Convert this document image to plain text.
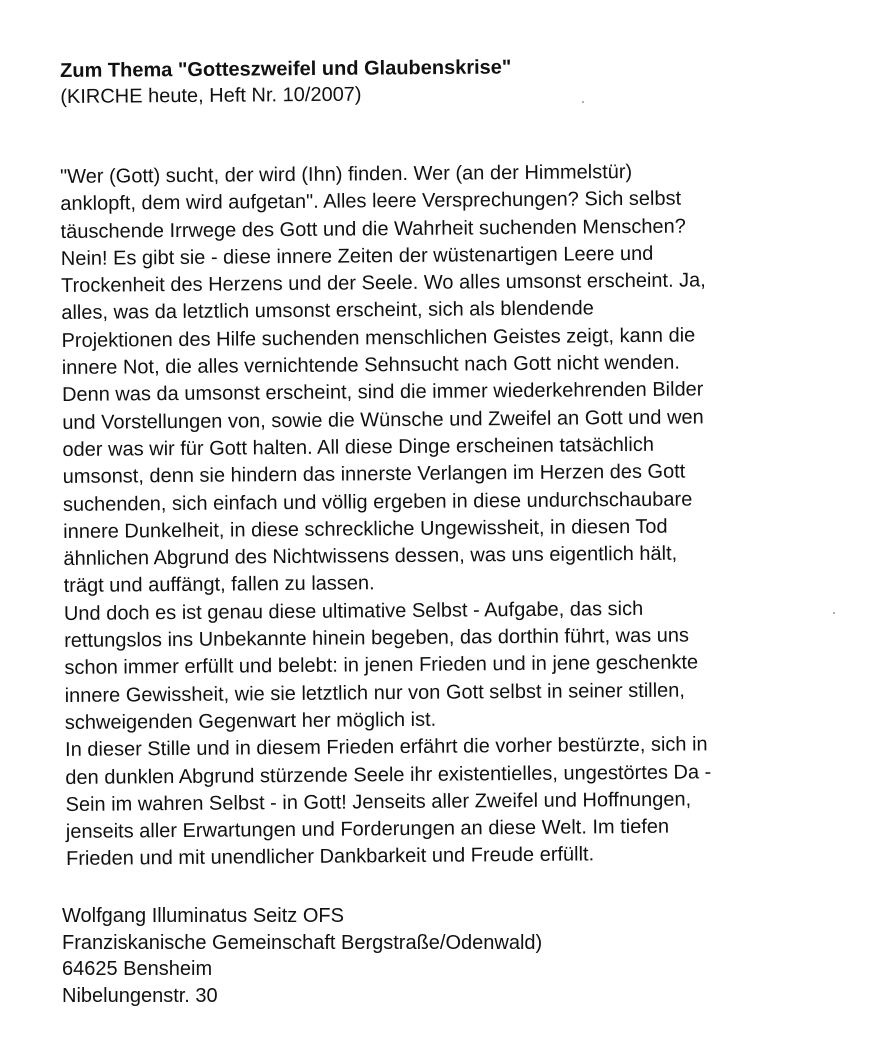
Zum Thema "Gotteszweifel und Glaubenskrise"
(KIRCHE heute, Heft Nr. 10/2007)
"Wer (Gott) sucht, der wird (Ihn) finden. Wer (an der Himmelstür)
anklopft, dem wird aufgetan". Alles leere Versprechungen? Sich selbst
täuschende Irrwege des Gott und die Wahrheit suchenden Menschen?
Nein! Es gibt sie - diese innere Zeiten der wüstenartigen Leere und
Trockenheit des Herzens und der Seele. Wo alles umsonst erscheint. Ja,
alles, was da letztlich umsonst erscheint, sich als blendende
Projektionen des Hilfe suchenden menschlichen Geistes zeigt, kann die
innere Not, die alles vernichtende Sehnsucht nach Gott nicht wenden.
Denn was da umsonst erscheint, sind die immer wiederkehrenden Bilder
und Vorstellungen von, sowie die Wünsche und Zweifel an Gott und wen
oder was wir für Gott halten. All diese Dinge erscheinen tatsächlich
umsonst, denn sie hindern das innerste Verlangen im Herzen des Gott
suchenden, sich einfach und völlig ergeben in diese undurchschaubare
innere Dunkelheit, in diese schreckliche Ungewissheit, in diesen Tod
ähnlichen Abgrund des Nichtwissens dessen, was uns eigentlich hält,
trägt und auffängt, fallen zu lassen.
Und doch es ist genau diese ultimative Selbst - Aufgabe, das sich
rettungslos ins Unbekannte hinein begeben, das dorthin führt, was uns
schon immer erfüllt und belebt: in jenen Frieden und in jene geschenkte
innere Gewissheit, wie sie letztlich nur von Gott selbst in seiner stillen,
schweigenden Gegenwart her möglich ist.
In dieser Stille und in diesem Frieden erfährt die vorher bestürzte, sich in
den dunklen Abgrund stürzende Seele ihr existentielles, ungestörtes Da -
Sein im wahren Selbst - in Gott! Jenseits aller Zweifel und Hoffnungen,
jenseits aller Erwartungen und Forderungen an diese Welt. Im tiefen
Frieden und mit unendlicher Dankbarkeit und Freude erfüllt.
Wolfgang Illuminatus Seitz OFS
Franziskanische Gemeinschaft Bergstraße/Odenwald)
64625 Bensheim
Nibelungenstr. 30
